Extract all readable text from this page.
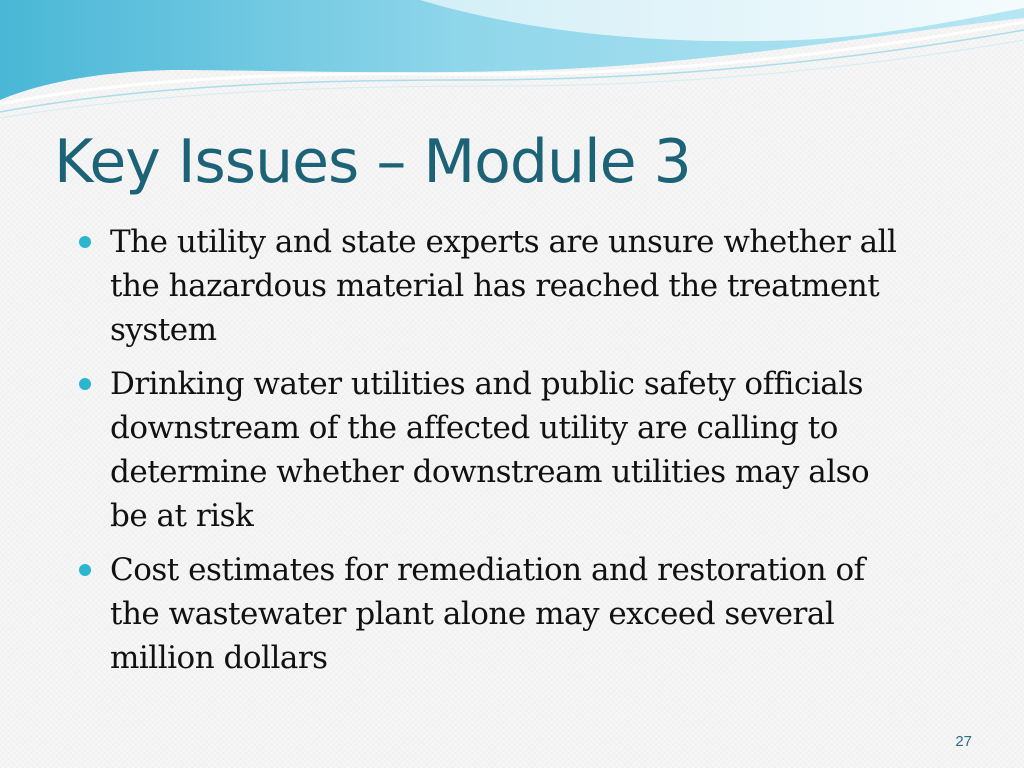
Key Issues – Module 3
The utility and state experts are unsure whether all the hazardous material has reached the treatment system
Drinking water utilities and public safety officials downstream of the affected utility are calling to determine whether downstream utilities may also be at risk
Cost estimates for remediation and restoration of the wastewater plant alone may exceed several million dollars
27
